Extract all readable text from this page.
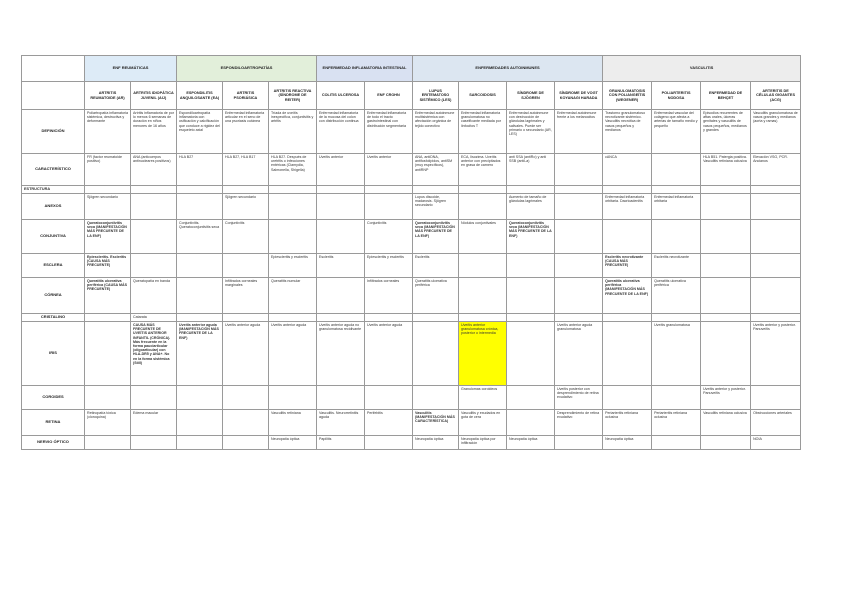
	ENF REUMÁTICAS		ESPONDILOARTROPATÍAS			ENFERMEDAD INFLAMATORIA INTESTINAL		ENFERMEDADES AUTOINMUNES				VASCULITIS			
	ARTRITIS REUMATOIDE (AR)	ARTRITIS IDIOPÁTICA JUVENIL (AIJ)	ESPONDILITIS ANQUILOSANTE (EA)	ARTRITIS PSORIÁSICA	ARTRITIS REACTIVA (SÍNDROME DE REITER)	COLITIS ULCEROSA	ENF CROHN	LUPUS ERITEMATOSO SISTÉMICO (LES)	SARCOIDOSIS	SÍNDROME DE SJÖGREN	SÍNDROME DE VOGT KOYANAGI HARADA	GRANULOMATOSIS CON POLIANGEÍTIS (WEGENER)	POLIARTERITIS NODOSA	ENFERMEDAD DE BEHÇET	ARTERITIS DE CÉLULAS GIGANTES (ACG)
DEFINICIÓN	Poliartropatía inflamatoria sistémica, destructiva y deformante	Artritis inflamatoria de por lo menos 6 semanas de duración en niños menores de 16 años	Espondiloartropatía inflamatoria con osificación y calcificación que conduce a rigidez del esqueleto axial	Enfermedad inflamatoria articular en el seno de una psoriasis cutánea	Tríada de uveítis inespecífica, conjuntivitis y artritis	Enfermedad inflamatoria de la mucosa del colon con distribución continua	Enfermedad inflamatoria de todo el tracto gastrointestinal con distribución segmentaria	Enfermedad autoinmune multisistémica con afectación orgánica de tejido conectivo	Enfermedad inflamatoria granulomatosa no caseificante mediada por linfocitos T	Enfermedad autoinmune con destrucción de glándulas lagrimales y salivales. Puede ser primario o secundario (AR, LES)	Enfermedad autoinmune frente a los melanocitos	Trastorno granulomatoso necrotizante sistémico. Vasculitis necrótica de vasos pequeños y medianos	Enfermedad vascular del colágeno que afecta a arterias de tamaño medio y pequeño	Episodios recurrentes de aftas orales, úlceras genitales y vasculitis de vasos pequeños, medianos y grandes	Vasculitis granulomatosa de vasos grandes y medianos (aorta y ramas)
CARACTERÍSTICO	FR (factor reumatoide positivo)	ANA (anticuerpos antinucleares positivos)	HLA B27	HLA B27, HLA B17	HLA B27. Después de uretritis o infecciones entéricas (Clamydia, Salmonella, Shigella)	Uveítis anterior	Uveítis anterior	ANA, antiDNA, antifosfolípidos, antiSM (muy específicos), antiRNP	ECA, lisozima. Uveítis anterior con precipitados en grasa de carnero	anti SSA (antiRo) y anti SSB (antiLa)		cANCA		HLA B51. Patergia positiva. Vasculitis retiniana oclusiva	Elevación VSG, PCR. Ancianos
ESTRUCTURA															
ANEXOS	Sjögren secundario			Sjögren secundario				Lupus discoide, madarosis. Sjögren secundario		Aumento de tamaño de glándulas lagrimales		Enfermedad inflamatoria orbitaria. Dacrioadenitis	Enfermedad inflamatoria orbitaria		
CONJUNTIVA	Queratoconjuntivitis seca (MANIFESTACIÓN MÁS FRECUENTE DE LA ENF)		Conjuntivitis. Queratoconjuntivitis seca	Conjuntivitis			Conjuntivitis	Queratoconjuntivitis seca (MANIFESTACIÓN MÁS FRECUENTE DE LA ENF)	Nódulos conjuntivales	Queratoconjuntivitis seca (MANIFESTACIÓN MÁS FRECUENTE DE LA ENF)					
ESCLERA	Epiescleritis. Escleritis (CAUSA MÁS FRECUENTE)				Epiescleritis y escleritis	Escleritis	Epiescleritis y escleritis	Escleritis				Escleritis necrotizante (CAUSA MÁS FRECUENTE)	Escleritis necrotizante		
CÓRNEA	Queratitis ulcerativa periférica (CAUSA MÁS FRECUENTE)	Queratopatía en banda		Infiltrados corneales marginales	Queratitis numular		Infiltrados corneales	Queratitis ulcerativa periférica				Queratitis ulcerativa periférica (MANIFESTACIÓN MÁS FRECUENTE DE LA ENF)	Queratitis ulcerativa periférica		
CRISTALINO		Catarata													
IRIS		CAUSA MÁS FRECUENTE DE UVEÍTIS ANTERIOR INFANTIL (CRÓNICA). Más frecuente en la forma pauciarticular (oligoarticular) con HLA-DR5 y ANA+. No en la forma sistémica (Still)	Uveítis anterior aguda (MANIFESTACIÓN MÁS FRECUENTE DE LA ENF)	Uveítis anterior aguda	Uveítis anterior aguda	Uveítis anterior aguda no granulomatosa recidivante	Uveítis anterior aguda		Uveítis anterior granulomatosa crónica, posterior o intermedia		Uveítis anterior aguda granulomatosa		Uveítis granulomatosa		Uveítis anterior y posterior. Panuveítis
COROIDES									Granulomas coroideos		Uveítis posterior con desprendimiento de retina exudativo			Uveítis anterior y posterior. Panuveítis	
RETINA	Retinopatía tóxica (cloroquina)	Edema macular			Vasculitis retiniana	Vasculitis. Neurorretinitis aguda	Perifebitis	Vasculitis (MANIFESTACIÓN MÁS CARACTERÍSTICA)	Vasculitis y exudados en gota de cera		Desprendimiento de retina exudativo	Periarteritis retiniana oclusiva	Periarteritis retiniana oclusiva	Vasculitis retiniana oclusiva	Obstrucciones arteriales
NERVIO ÓPTICO					Neuropatía óptica	Papilitis		Neuropatía óptica	Neuropatía óptica por infiltración	Neuropatía óptica		Neuropatía óptica			NOIA
